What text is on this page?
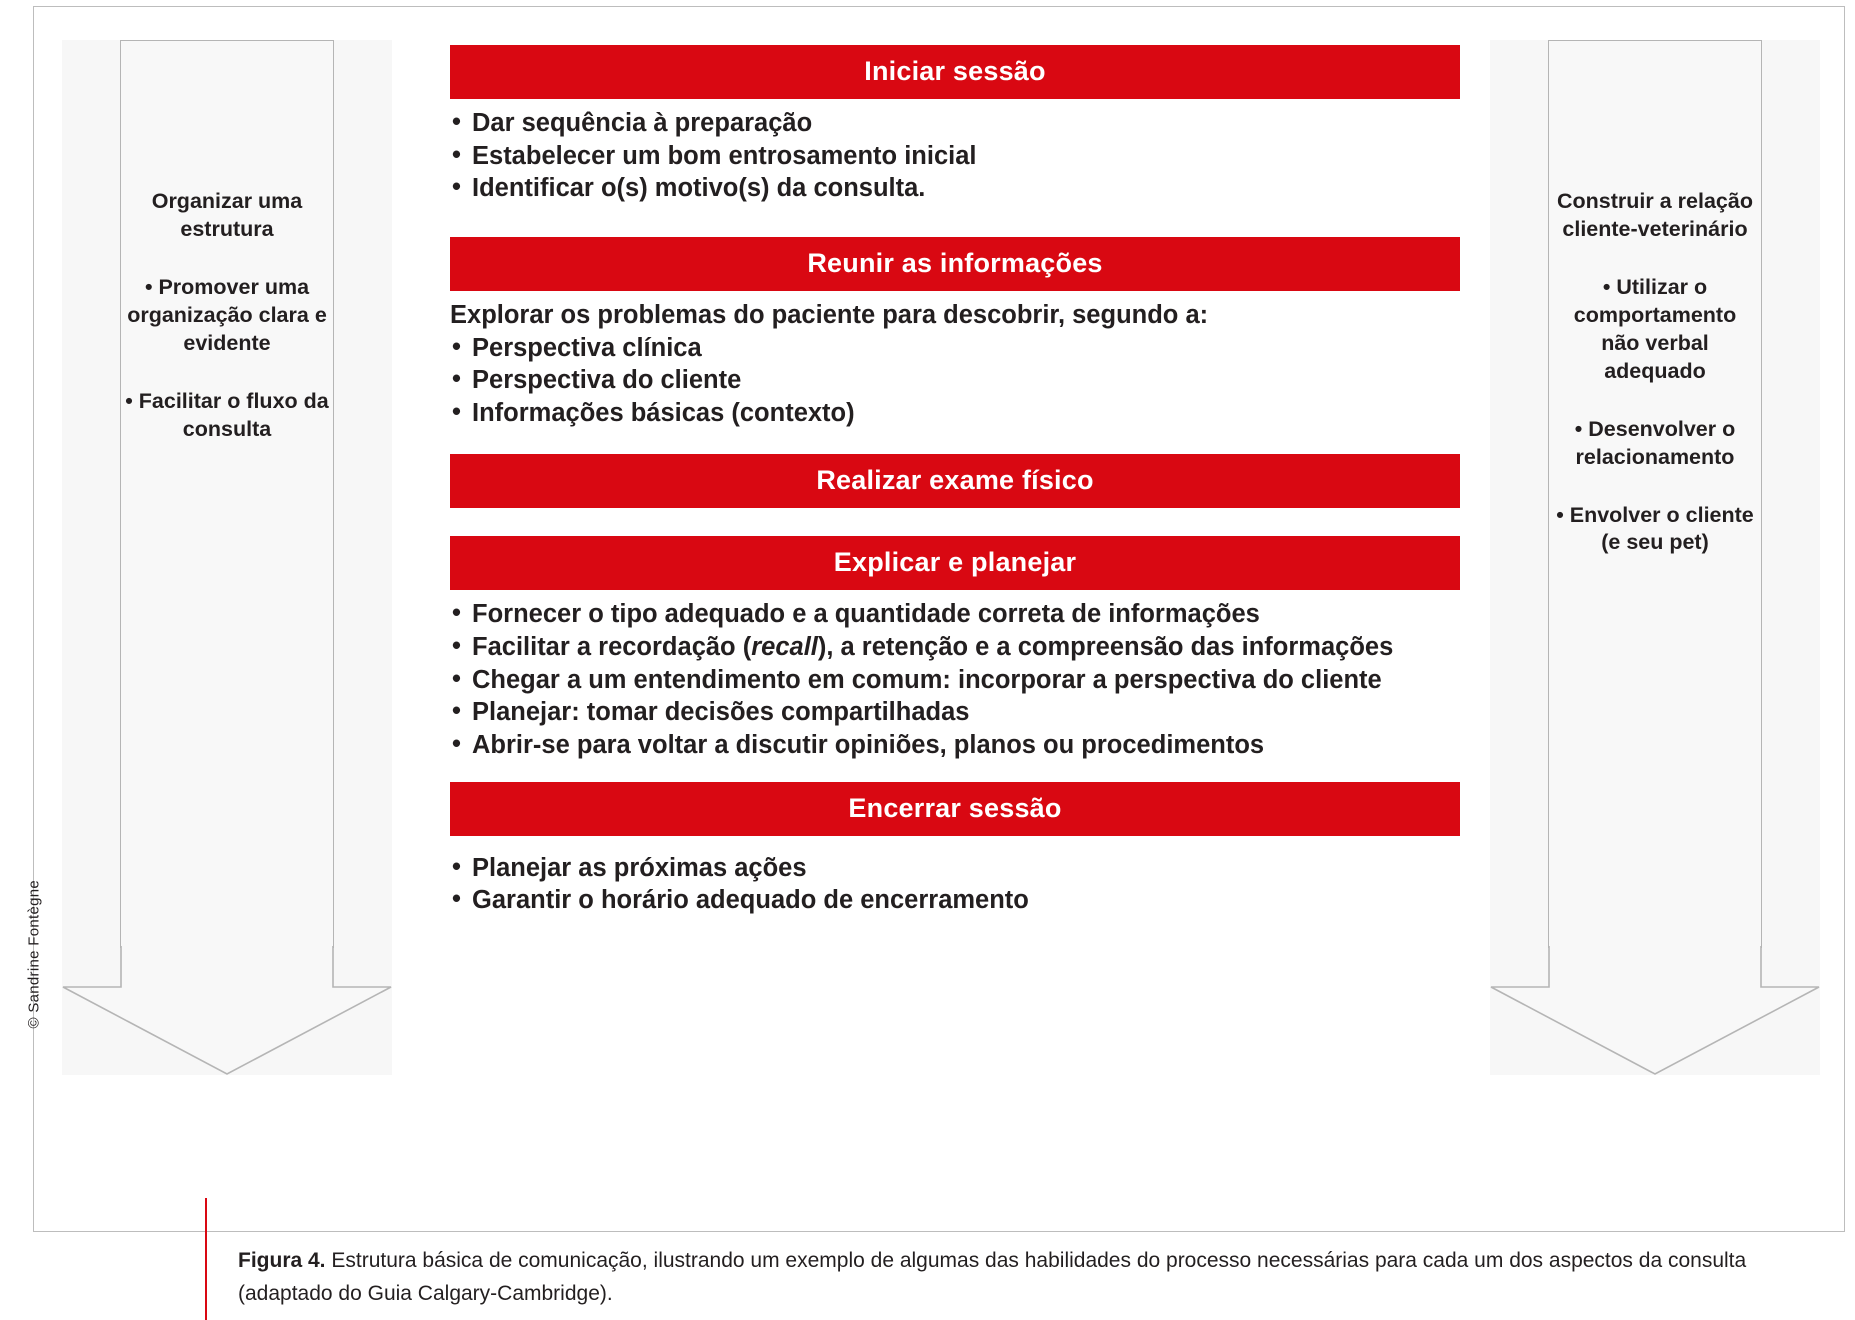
© Sandrine Fontègne
Organizar uma estrutura
• Promover uma organização clara e evidente
• Facilitar o fluxo da consulta
Construir a relação cliente-veterinário
• Utilizar o comportamento não verbal adequado
• Desenvolver o relacionamento
• Envolver o cliente (e seu pet)
Iniciar sessão
• Dar sequência à preparação
• Estabelecer um bom entrosamento inicial
• Identificar o(s) motivo(s) da consulta.
Reunir as informações
Explorar os problemas do paciente para descobrir, segundo a:
• Perspectiva clínica
• Perspectiva do cliente
• Informações básicas (contexto)
Realizar exame físico
Explicar e planejar
• Fornecer o tipo adequado e a quantidade correta de informações
• Facilitar a recordação (recall), a retenção e a compreensão das informações
• Chegar a um entendimento em comum: incorporar a perspectiva do cliente
• Planejar: tomar decisões compartilhadas
• Abrir-se para voltar a discutir opiniões, planos ou procedimentos
Encerrar sessão
• Planejar as próximas ações
• Garantir o horário adequado de encerramento
Figura 4. Estrutura básica de comunicação, ilustrando um exemplo de algumas das habilidades do processo necessárias para cada um dos aspectos da consulta (adaptado do Guia Calgary-Cambridge).
